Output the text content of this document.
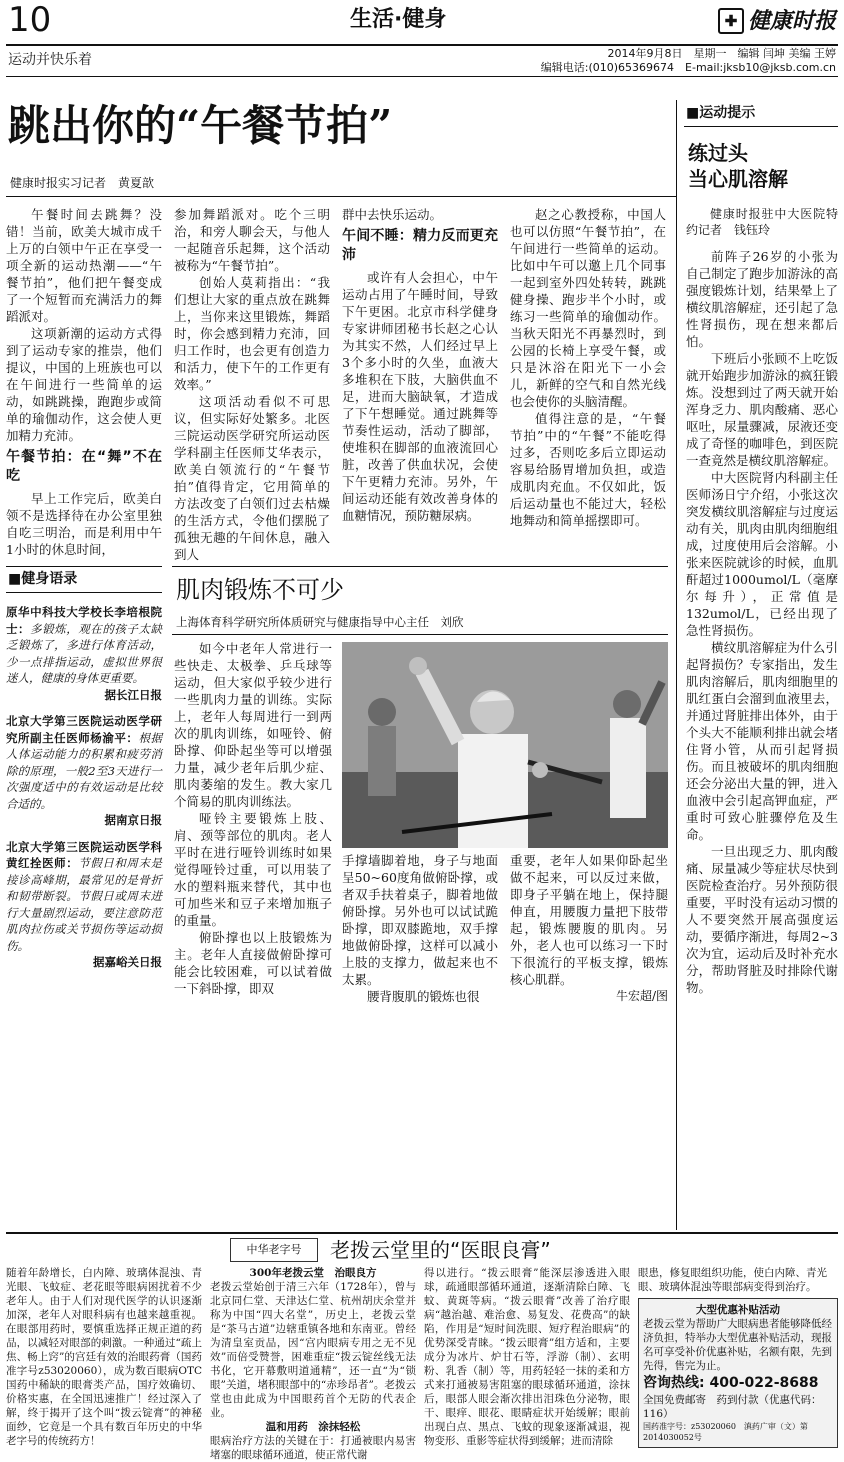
10	生活·健身	✚ 健康时报
运动并快乐着	2014年9月8日　星期一　编辑 闫坤 美编 王婷
编辑电话:(010)65369674　E-mail:jksb10@jksb.com.cn
跳出你的“午餐节拍”
健康时报实习记者　黄夏歆

午餐时间去跳舞？没错！当前，欧美大城市成千上万的白领中午正在享受一项全新的运动热潮——“午餐节拍”，他们把午餐变成了一个短暂而充满活力的舞蹈派对。

这项新潮的运动方式得到了运动专家的推崇，他们提议，中国的上班族也可以在午间进行一些简单的运动，如跳跳操，跑跑步或简单的瑜伽动作，这会使人更加精力充沛。

午餐节拍：在“舞”不在吃

早上工作完后，欧美白领不是选择待在办公室里独自吃三明治，而是利用中午1小时的休息时间，

参加舞蹈派对。吃个三明治，和旁人聊会天，与他人一起随音乐起舞，这个活动被称为“午餐节拍”。

创始人莫莉指出：“我们想让大家的重点放在跳舞上，当你来这里锻炼，舞蹈时，你会感到精力充沛，回归工作时，也会更有创造力和活力，使下午的工作更有效率。”

这项活动看似不可思议，但实际好处繁多。北医三院运动医学研究所运动医学科副主任医师艾华表示，欧美白领流行的“午餐节拍”值得肯定，它用简单的方法改变了白领们过去枯燥的生活方式，令他们摆脱了孤独无趣的午间休息，融入到人

群中去快乐运动。

午间不睡：精力反而更充沛

或许有人会担心，中午运动占用了午睡时间，导致下午更困。北京市科学健身专家讲师团秘书长赵之心认为其实不然，人们经过早上3个多小时的久坐，血液大多堆积在下肢，大脑供血不足，进而大脑缺氧，才造成了下午想睡觉。通过跳舞等节奏性运动，活动了脚部，使堆积在脚部的血液流回心脏，改善了供血状况，会使下午更精力充沛。另外，午间运动还能有效改善身体的血糖情况，预防糖尿病。

赵之心教授称，中国人也可以仿照“午餐节拍”，在午间进行一些简单的运动。比如中午可以邀上几个同事一起到室外四处转转，跳跳健身操、跑步半个小时，或练习一些简单的瑜伽动作。当秋天阳光不再暴烈时，到公园的长椅上享受午餐，或只是沐浴在阳光下一小会儿，新鲜的空气和自然光线也会使你的头脑清醒。

值得注意的是，“午餐节拍”中的“午餐”不能吃得过多，否则吃多后立即运动容易给肠胃增加负担，或造成肌肉充血。不仅如此，饭后运动量也不能过大，轻松地舞动和简单摇摆即可。

■健身语录
原华中科技大学校长李培根院士：多锻炼，观在的孩子太缺乏锻炼了，多进行体育活动，少一点排指运动，虚拟世界很迷人，健康的身体更重要。
据长江日报
北京大学第三医院运动医学研究所副主任医师杨渝平：根据人体运动能力的积累和疲劳消除的原理，一般2至3天进行一次强度适中的有效运动是比较合适的。
据南京日报
北京大学第三医院运动医学科黄红拴医师：节假日和周末是接诊高峰期，最常见的是骨折和韧带断裂。节假日或周末进行大量剧烈运动，要注意防范肌肉拉伤或关节损伤等运动损伤。
据嘉峪关日报
肌肉锻炼不可少
上海体育科学研究所体质研究与健康指导中心主任　刘欣

如今中老年人常进行一些快走、太极拳、乒乓球等运动，但大家似乎较少进行一些肌肉力量的训练。实际上，老年人每周进行一到两次的肌肉训练，如哑铃、俯卧撑、仰卧起坐等可以增强力量，减少老年后肌少症、肌肉萎缩的发生。教大家几个简易的肌肉训练法。

哑铃主要锻炼上肢、肩、颈等部位的肌肉。老人平时在进行哑铃训练时如果觉得哑铃过重，可以用装了水的塑料瓶来替代，其中也可加些米和豆子来增加瓶子的重量。

俯卧撑也以上肢锻炼为主。老年人直接做俯卧撑可能会比较困难，可以试着做一下斜卧撑，即双

手撑墙脚着地，身子与地面呈50~60度角做俯卧撑，或者双手扶着桌子，脚着地做俯卧撑。另外也可以试试跪卧撑，即双膝跪地，双手撑地做俯卧撑，这样可以减小上肢的支撑力，做起来也不太累。

腰背腹肌的锻炼也很

重要，老年人如果仰卧起坐做不起来，可以反过来做，即身子平躺在地上，保持腿伸直，用腰腹力量把下肢带起，锻炼腰腹的肌肉。另外，老人也可以练习一下时下很流行的平板支撑，锻炼核心肌群。

牛宏超/图
■运动提示
练过头
当心肌溶解

健康时报驻中大医院特约记者　钱钰玲

前阵子26岁的小张为自己制定了跑步加游泳的高强度锻炼计划，结果晕上了横纹肌溶解症，还引起了急性肾损伤，现在想来都后怕。

下班后小张顾不上吃饭就开始跑步加游泳的疯狂锻炼。没想到过了两天就开始浑身乏力、肌肉酸痛、恶心呕吐，尿量骤减，尿液还变成了奇怪的咖啡色，到医院一查竟然是横纹肌溶解症。

中大医院肾内科副主任医师汤日宁介绍，小张这次突发横纹肌溶解症与过度运动有关，肌肉由肌肉细胞组成，过度使用后会溶解。小张来医院就诊的时候，血肌酐超过1000umol/L（毫摩尔每升），正常值是132umol/L，已经出现了急性肾损伤。

横纹肌溶解症为什么引起肾损伤？专家指出，发生肌肉溶解后，肌肉细胞里的肌红蛋白会溜到血液里去，并通过肾脏排出体外，由于个头大不能顺利排出就会堵住肾小管，从而引起肾损伤。而且被破坏的肌肉细胞还会分泌出大量的钾，进入血液中会引起高钾血症，严重时可致心脏骤停危及生命。

一旦出现乏力、肌肉酸痛、尿量减少等症状尽快到医院检查治疗。另外预防很重要，平时没有运动习惯的人不要突然开展高强度运动，要循序渐进，每周2~3次为宜，运动后及时补充水分，帮助肾脏及时排除代谢物。

中华老字号	老拨云堂里的“医眼良膏”
随着年龄增长，白内障、玻璃体混浊、青光眼、飞蚊症、老花眼等眼病困扰着不少老年人。由于人们对现代医学的认识逐渐加深，老年人对眼科病有也越来越重视。在眼部用药时，要慎重选择正规正道的药品，以减轻对眼部的刺激。一种通过“疏上焦、畅上窍”的宫廷有效的治眼药膏（国药准字号z53020060），成为数百眼病OTC国药中稀缺的眼膏类产品，国疗效确切、价格实惠，在全国迅速推广！经过深入了解，终于揭开了这个叫“拨云锭膏”的神秘面纱，它竟是一个具有数百年历史的中华老字号的传统药方！
300年老拨云堂　治眼良方
老拨云堂始创于清三六年（1728年），曾与北京同仁堂、天津达仁堂、杭州胡庆余堂并称为中国“四大名堂”，历史上，老拨云堂是“茶马古道”边辖重镇各地和东南亚。曾经为清皇室贡品，因“宫内眼病专用之无不见效”而倍受赞誉，困难重症“拨云锭丝线无法书化，它开幕敷明道通精”，还一直“为“锁眼”关道，堵积眼部中的“赤珍昂者”。老拨云堂也由此成为中国眼药首个无防的代表企业。
温和用药　涂抹轻松
眼病治疗方法的关键在于：打通被眼内易害堵塞的眼球循环通道，使正常代谢
得以进行。“拨云眼膏”能深层渗透进入眼球，疏通眼部循环通道，逐渐清除白障、飞蚊、黄斑等病。“拨云眼膏”改善了治疗眼病“越治越、难治愈、易复发、花费高”的缺陷，作用是“短时间洗眼、短疗程治眼病”的优势深受青睐。“拨云眼膏”组方适和，主要成分为冰片、炉甘石等，浮游（制）、玄明粉、乳香（制）等，用药轻轻一抹的柔和方式来打通被易害阻塞的眼球循环通道，涂抹后，眼部人眼会渐次排出泪珠色分泌物，眼干、眼痒、眼花、眼睛症状开始缓解；眼前出现白点、黑点、飞蚊的现象逐渐减退，视物变形、重影等症状得到缓解；进而清除
眼患，修复眼组织功能，使白内障、青光眼、玻璃体混浊等眼部病变得到治疗。
大型优惠补贴活动
老拨云堂为帮助广大眼病患者能够降低经济负担，特举办大型优惠补贴活动，现报名可享受补价优惠补贴，名额有限，先到先得，售完为止。
咨询热线: 400-022-8688
全国免费邮寄　药到付款（优惠代码：116）
国药准字号：z53020060　滇药广审（文）第2014030052号
